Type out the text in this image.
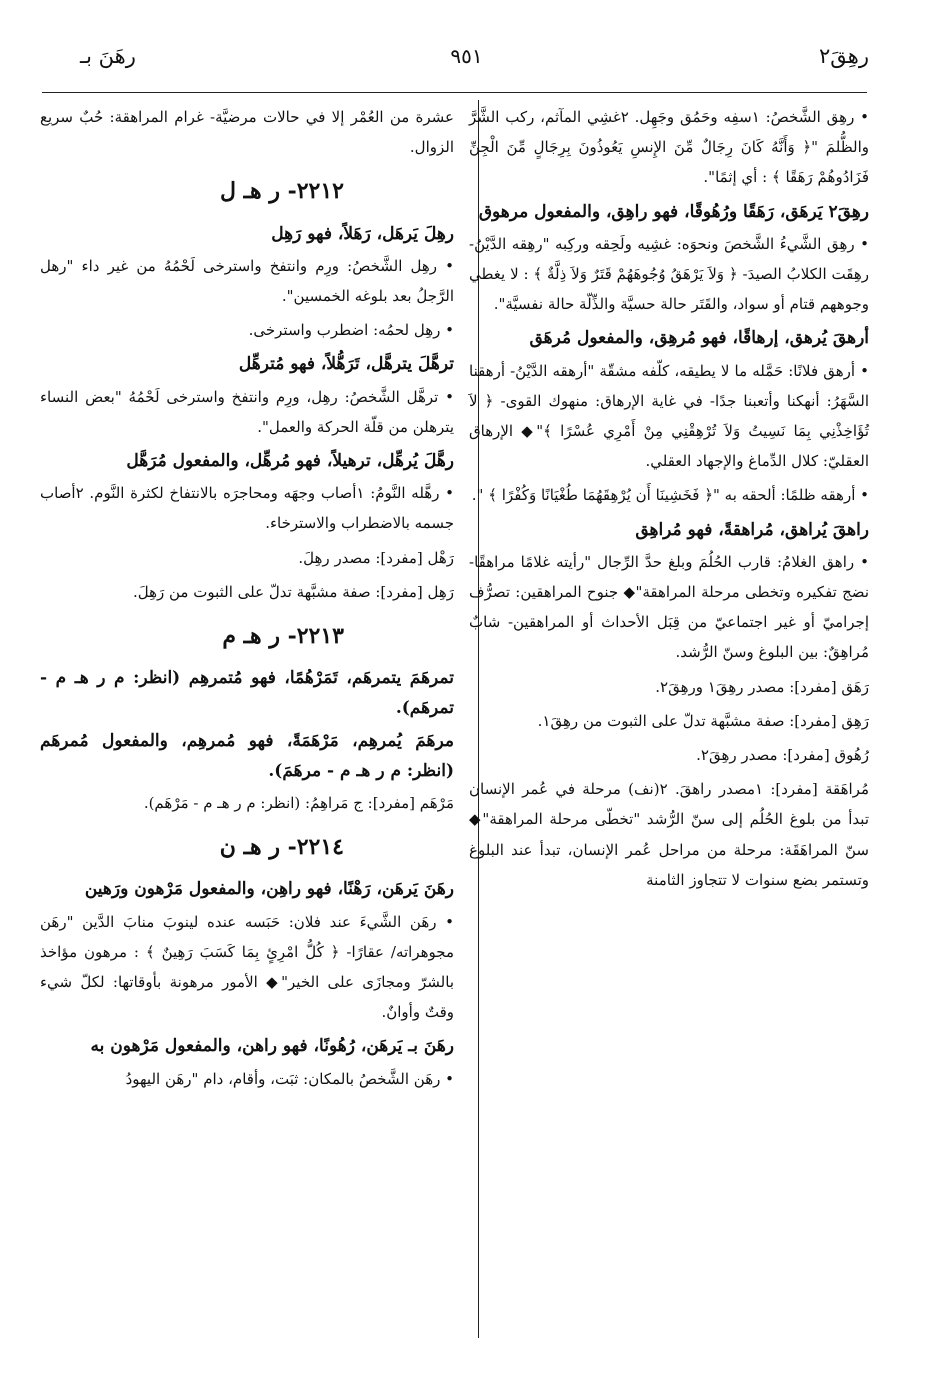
رهِقَ٢
٩٥١
رهَنَ بـ
• رهِق الشَّخصُ: ١سفِه وحَمُق وجَهِل. ٢غشِي المآثم، ركب الشَّرَّ والظُّلمَ "﴿ وَأَنَّهُ كَانَ رِجَالٌ مِّنَ الإِنسِ يَعُوذُونَ بِرِجَالٍ مِّنَ الْجِنِّ فَزَادُوهُمْ رَهَقًا ﴾ : أي إثمًا".
رهِقَ٢ يَرهَق، رَهَقًا ورُهُوقًا، فهو راهِق، والمفعول مرهوق
• رهِق الشَّيءُ الشَّخصَ ونحوَه: غشِيه ولَحِقه وركِبه "رهِقه الدَّيْنُ- رهِقَت الكلابُ الصيدَ- ﴿ وَلاَ يَرْهَقُ وُجُوهَهُمْ قَتَرٌ وَلاَ ذِلَّةٌ ﴾ : لا يغطي وجوههم قتام أو سواد، والقَتَر حالة حسيَّة والذِّلّة حالة نفسيَّة".
أرهقَ يُرهق، إرهاقًا، فهو مُرهِق، والمفعول مُرهَق
• أرهق فلانًا: حَمَّله ما لا يطيقه، كلّفه مشقّة "أرهقه الدَّيْنُ- أرهقنا السَّهَرُ: أنهكنا وأتعبنا جدًا- في غاية الإرهاق: منهوك القوى- ﴿ لاَ تُؤَاخِذْنِي بِمَا نَسِيتُ وَلاَ تُرْهِقْنِي مِنْ أَمْرِي عُسْرًا ﴾"◆ الإرهاق العقليّ: كلال الدِّماغ والإجهاد العقلي.
• أرهقه ظلمًا: ألحقه به "﴿ فَخَشِينَا أَن يُرْهِقَهُمَا طُغْيَانًا وَكُفْرًا ﴾ ".
راهقَ يُراهق، مُراهقةً، فهو مُراهِق
• راهق الغلامُ: قارب الحُلُمَ وبلغ حدَّ الرِّجال "رأيته غلامًا مراهقًا- نضج تفكيره وتخطى مرحلة المراهقة"◆ جنوح المراهقين: تصرُّف إجراميّ أو غير اجتماعيّ من قِبَل الأحداث أو المراهقين- شابٌ مُراهِقٌ: بين البلوغ وسنّ الرُّشد.
رَهَق [مفرد]: مصدر رهِقَ١ ورهِقَ٢.
رَهِق [مفرد]: صفة مشبَّهة تدلّ على الثبوت من رهِقَ١.
رُهُوق [مفرد]: مصدر رهِقَ٢.
مُراهَقة [مفرد]: ١مصدر راهقَ. ٢(نف) مرحلة في عُمر الإنسان تبدأ من بلوغ الحُلُم إلى سنّ الرُّشد "تخطّى مرحلة المراهقة"◆ سنّ المراهَقَة: مرحلة من مراحل عُمر الإنسان، تبدأ عند البلوغ وتستمر بضع سنوات لا تتجاوز الثامنة
عشرة من العُمْر إلا في حالات مرضيَّة- غرام المراهقة: حُبٌ سريع الزوال.
٢٢١٢- ر هـ ل
رهِلَ يَرهَل، رَهَلاً، فهو رَهِل
• رهِل الشَّخصُ: ورِم وانتفخ واسترخى لَحْمُهُ من غير داء "رهل الرَّجلُ بعد بلوغه الخمسين".
• رهِل لحمُه: اضطرب واسترخى.
ترهَّلَ يترهَّل، تَرَهُّلاً، فهو مُترهِّل
• ترهَّل الشَّخصُ: رهِل، ورِم وانتفخ واسترخى لَحْمُهُ "بعض النساء يترهلن من قلّة الحركة والعمل".
رهَّلَ يُرهِّل، ترهيلاً، فهو مُرهِّل، والمفعول مُرَهَّل
• رهَّله النَّومُ: ١أصاب وجهَه ومحاجرَه بالانتفاخ لكثرة النَّوم. ٢أصاب جسمه بالاضطراب والاسترخاء.
رَهْل [مفرد]: مصدر رهِلَ.
رَهِل [مفرد]: صفة مشبَّهة تدلّ على الثبوت من رَهِلَ.
٢٢١٣- ر هـ م
تمرهَمَ يتمرهَم، تَمَرْهُمًا، فهو مُتمرهِم (انظر: م ر هـ م - تمرهَم).
مرهَمَ يُمرهِم، مَرْهَمَةً، فهو مُمرهِم، والمفعول مُمرهَم (انظر: م ر هـ م - مرهَمَ).
مَرْهَم [مفرد]: ج مَراهِمُ: (انظر: م ر هـ م - مَرْهَم).
٢٢١٤- ر هـ ن
رهَنَ يَرهَن، رَهْنًا، فهو راهِن، والمفعول مَرْهون ورَهين
• رهَن الشَّيءَ عند فلان: حَبَسه عنده لينوبَ منابَ الدَّين "رهَن مجوهراته/ عقارًا- ﴿ كُلُّ امْرِئٍ بِمَا كَسَبَ رَهِينٌ ﴾ : مرهون مؤاخذ بالشرّ ومجازَى على الخير"◆ الأمور مرهونة بأوقاتها: لكلّ شيء وقتٌ وأوانٌ.
رهَنَ بـ يَرهَن، رُهُونًا، فهو راهن، والمفعول مَرْهون به
• رهَن الشَّخصُ بالمكان: ثبَت، وأقام، دام "رهَن اليهودُ
